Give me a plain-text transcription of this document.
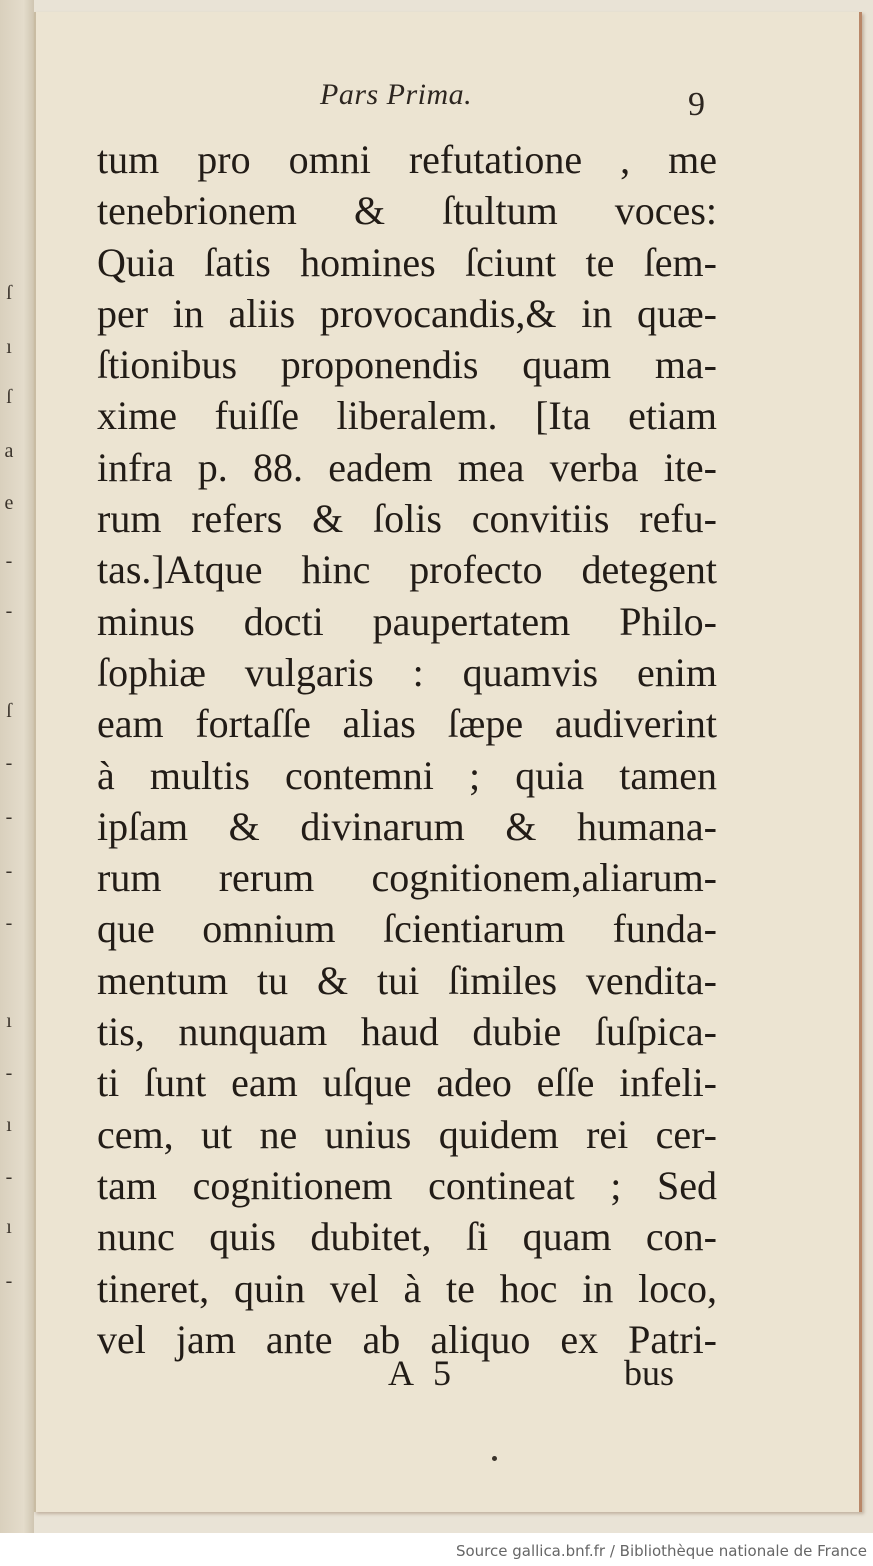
ſ
ı
ſ
a
e
-
-
ſ
-
-
-
-
ı
-
ı
-
ı
-
Pars Prima.	9
tum pro omni refutatione , me
tenebrionem & ſtultum voces:
Quia ſatis homines ſciunt te ſem-
per in aliis provocandis,& in quæ-
ſtionibus proponendis quam ma-
xime fuiſſe liberalem. [Ita etiam
infra p. 88. eadem mea verba ite-
rum refers & ſolis convitiis refu-
tas.]Atque hinc profecto detegent
minus docti paupertatem Philo-
ſophiæ vulgaris : quamvis enim
eam fortaſſe alias ſæpe audiverint
à multis contemni ; quia tamen
ipſam & divinarum & humana-
rum rerum cognitionem,aliarum-
que omnium ſcientiarum funda-
mentum tu & tui ſimiles vendita-
tis, nunquam haud dubie ſuſpica-
ti ſunt eam uſque adeo eſſe infeli-
cem, ut ne unius quidem rei cer-
tam cognitionem contineat ; Sed
nunc quis dubitet, ſi quam con-
tineret, quin vel à te hoc in loco,
vel jam ante ab aliquo ex Patri-
A 5	bus
Source gallica.bnf.fr / Bibliothèque nationale de France
